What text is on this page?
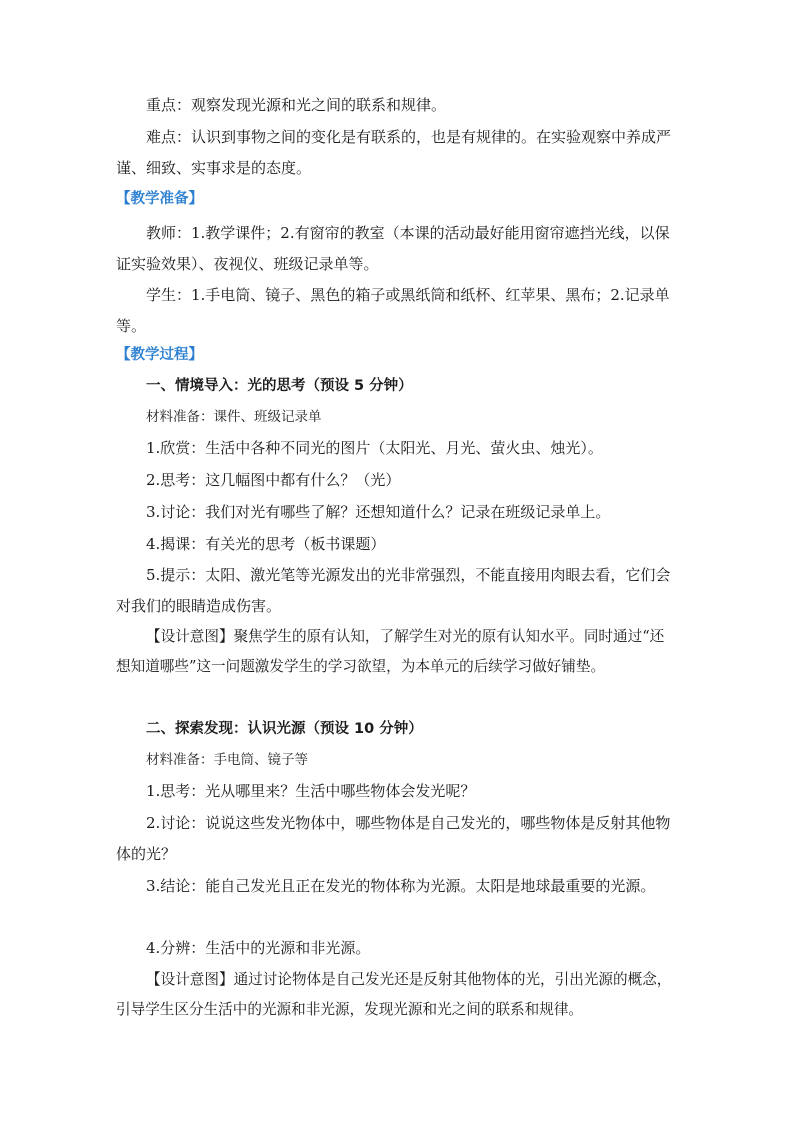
重点：观察发现光源和光之间的联系和规律。

难点：认识到事物之间的变化是有联系的，也是有规律的。在实验观察中养成严谨、细致、实事求是的态度。

【教学准备】

教师：1.教学课件；2.有窗帘的教室（本课的活动最好能用窗帘遮挡光线，以保证实验效果）、夜视仪、班级记录单等。

学生：1.手电筒、镜子、黑色的箱子或黑纸筒和纸杯、红苹果、黑布；2.记录单等。

【教学过程】

一、情境导入：光的思考（预设 5 分钟）

材料准备：课件、班级记录单

1.欣赏：生活中各种不同光的图片（太阳光、月光、萤火虫、烛光）。

2.思考：这几幅图中都有什么？（光）

3.讨论：我们对光有哪些了解？还想知道什么？记录在班级记录单上。

4.揭课：有关光的思考（板书课题）

5.提示：太阳、激光笔等光源发出的光非常强烈，不能直接用肉眼去看，它们会对我们的眼睛造成伤害。

【设计意图】聚焦学生的原有认知，了解学生对光的原有认知水平。同时通过“还想知道哪些”这一问题激发学生的学习欲望，为本单元的后续学习做好铺垫。

二、探索发现：认识光源（预设 10 分钟）

材料准备：手电筒、镜子等

1.思考：光从哪里来？生活中哪些物体会发光呢？

2.讨论：说说这些发光物体中，哪些物体是自己发光的，哪些物体是反射其他物体的光？

3.结论：能自己发光且正在发光的物体称为光源。太阳是地球最重要的光源。

4.分辨：生活中的光源和非光源。

【设计意图】通过讨论物体是自己发光还是反射其他物体的光，引出光源的概念，引导学生区分生活中的光源和非光源，发现光源和光之间的联系和规律。
